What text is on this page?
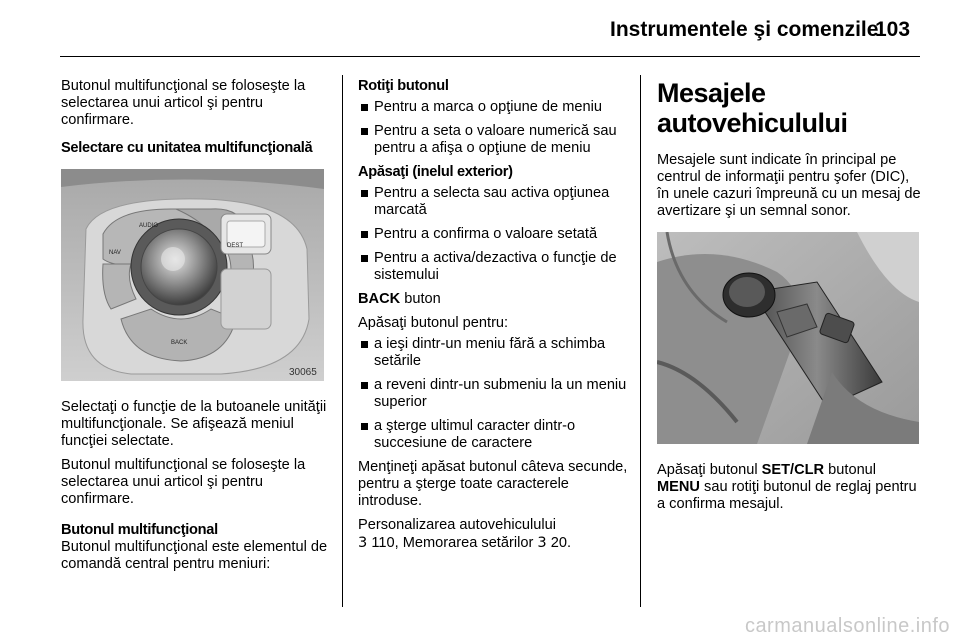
Instrumentele şi comenzile
103

Butonul multifuncţional se foloseşte la selectarea unui articol şi pentru confirmare.

Selectare cu unitatea multifuncţională

AUDIO
NAV
DEST
BACK
30065

Selectaţi o funcţie de la butoanele unităţii multifuncţionale. Se afişează meniul funcţiei selectate.

Butonul multifuncţional se foloseşte la selectarea unui articol şi pentru confirmare.

Butonul multifuncţional

Butonul multifuncţional este elementul de comandă central pentru meniuri:

Rotiţi butonul

Pentru a marca o opţiune de meniu
Pentru a seta o valoare numerică sau pentru a afişa o opţiune de meniu

Apăsaţi (inelul exterior)

Pentru a selecta sau activa opţiunea marcată
Pentru a confirma o valoare setată
Pentru a activa/dezactiva o funcţie de sistemului

BACK buton

Apăsaţi butonul pentru:

a ieşi dintr-un meniu fără a schimba setările
a reveni dintr-un submeniu la un meniu superior
a şterge ultimul caracter dintr-o succesiune de caractere

Menţineţi apăsat butonul câteva secunde, pentru a şterge toate caracterele introduse.

Personalizarea autovehiculului
3 110, Memorarea setărilor 3 20.

Mesajele autovehiculului

Mesajele sunt indicate în principal pe centrul de informaţii pentru şofer (DIC), în unele cazuri împreună cu un mesaj de avertizare şi un semnal sonor.

Apăsaţi butonul SET/CLR butonul
MENU sau rotiţi butonul de reglaj pentru a confirma mesajul.

carmanualsonline.info
